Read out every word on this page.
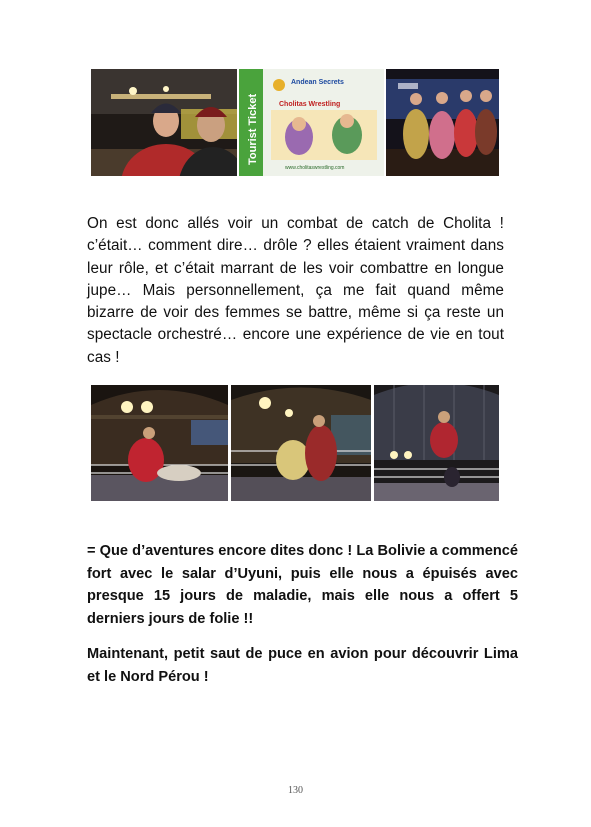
Tourist Ticket
Andean Secrets
Cholitas Wrestling
www.cholitaswrestling.com
On est donc allés voir un combat de catch de Cholita ! c’était… comment dire… drôle ? elles étaient vraiment dans leur rôle, et c’était marrant de les voir combattre en longue jupe… Mais personnellement, ça me fait quand même bizarre de voir des femmes se battre, même si ça reste un spectacle orchestré… encore une expérience de vie en tout cas !
= Que d’aventures encore dites donc ! La Bolivie a commencé fort avec le salar d’Uyuni, puis elle nous a épuisés avec presque 15 jours de maladie, mais elle nous a offert 5 derniers jours de folie !!
Maintenant, petit saut de puce en avion pour découvrir Lima et le Nord Pérou !
130
